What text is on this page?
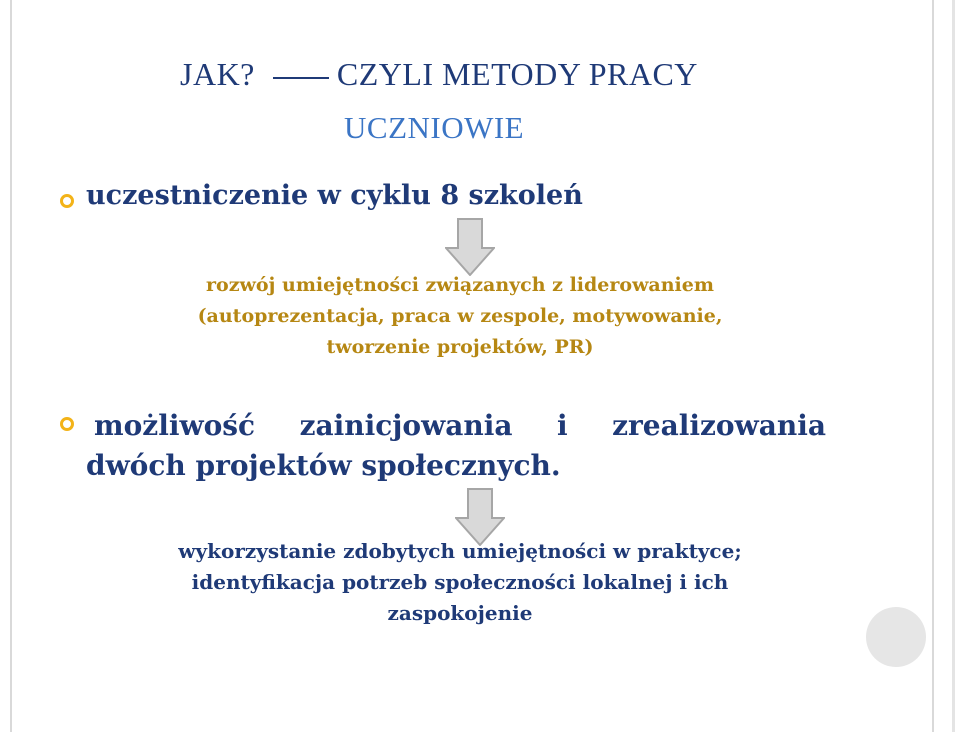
JAK?	CZYLI METODY PRACY
UCZNIOWIE
uczestniczenie w cyklu 8 szkoleń
rozwój umiejętności związanych z liderowaniem
(autoprezentacja, praca w zespole, motywowanie,
tworzenie projektów, PR)
możliwość zainicjowania i zrealizowania
dwóch projektów społecznych.
wykorzystanie zdobytych umiejętności w praktyce;
identyfikacja potrzeb społeczności lokalnej i ich
zaspokojenie
